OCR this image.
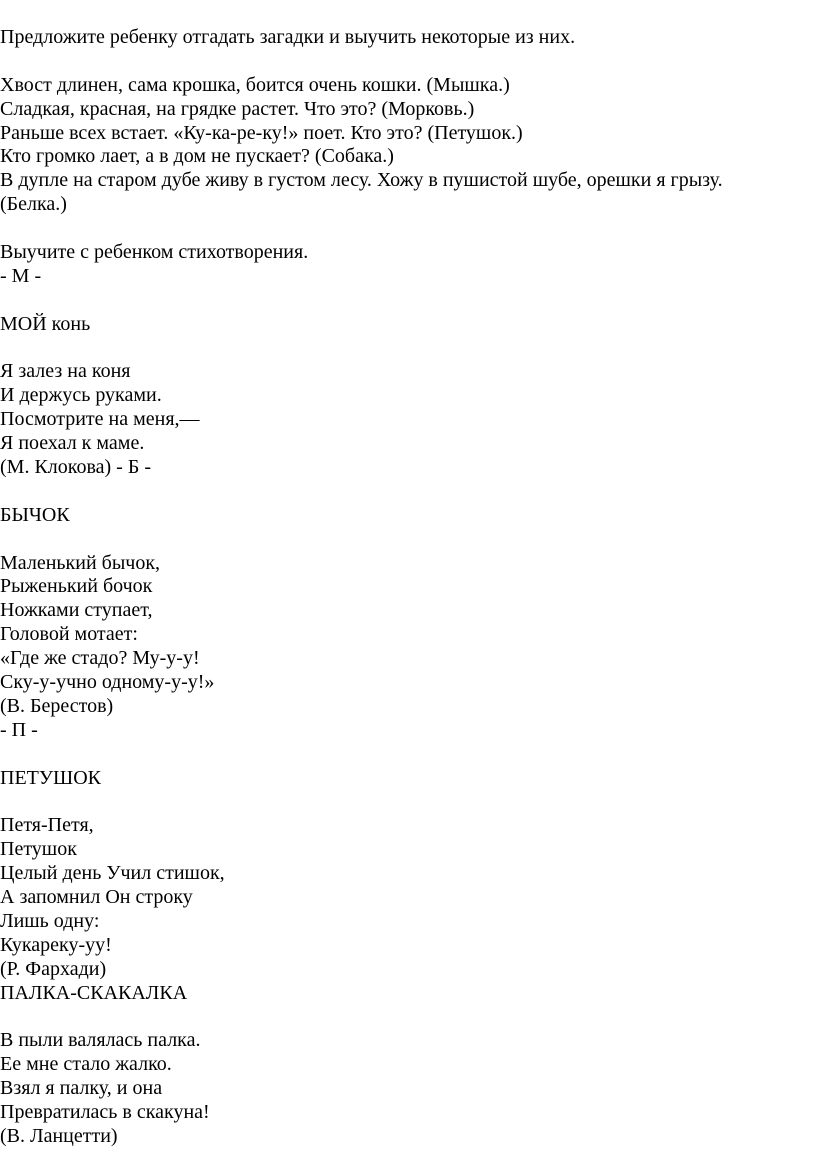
Предложите ребенку отгадать загадки и выучить некоторые из них.
Хвост длинен, сама крошка, боится очень кошки. (Мышка.)
Сладкая, красная, на грядке растет. Что это? (Морковь.)
Раньше всех встает. «Ку-ка-ре-ку!» поет. Кто это? (Петушок.)
Кто громко лает, а в дом не пускает? (Собака.)
В дупле на старом дубе живу в густом лесу. Хожу в пушистой шубе, орешки я грызу.
(Белка.)
Выучите с ребенком стихотворения.
- М -
МОЙ конь
Я залез на коня
И держусь руками.
Посмотрите на меня,—
Я поехал к маме.
(М. Клокова) - Б -
БЫЧОК
Маленький бычок,
Рыженький бочок
Ножками ступает,
Головой мотает:
«Где же стадо? Му-у-у!
Ску-у-учно одному-у-у!»
(В. Берестов)
- П -
ПЕТУШОК
Петя-Петя,
Петушок
Целый день Учил стишок,
А запомнил Он строку
Лишь одну:
Кукареку-уу!
(Р. Фархади)
ПАЛКА-СКАКАЛКА
В пыли валялась палка.
Ее мне стало жалко.
Взял я палку, и она
Превратилась в скакуна!
(В. Ланцетти)
